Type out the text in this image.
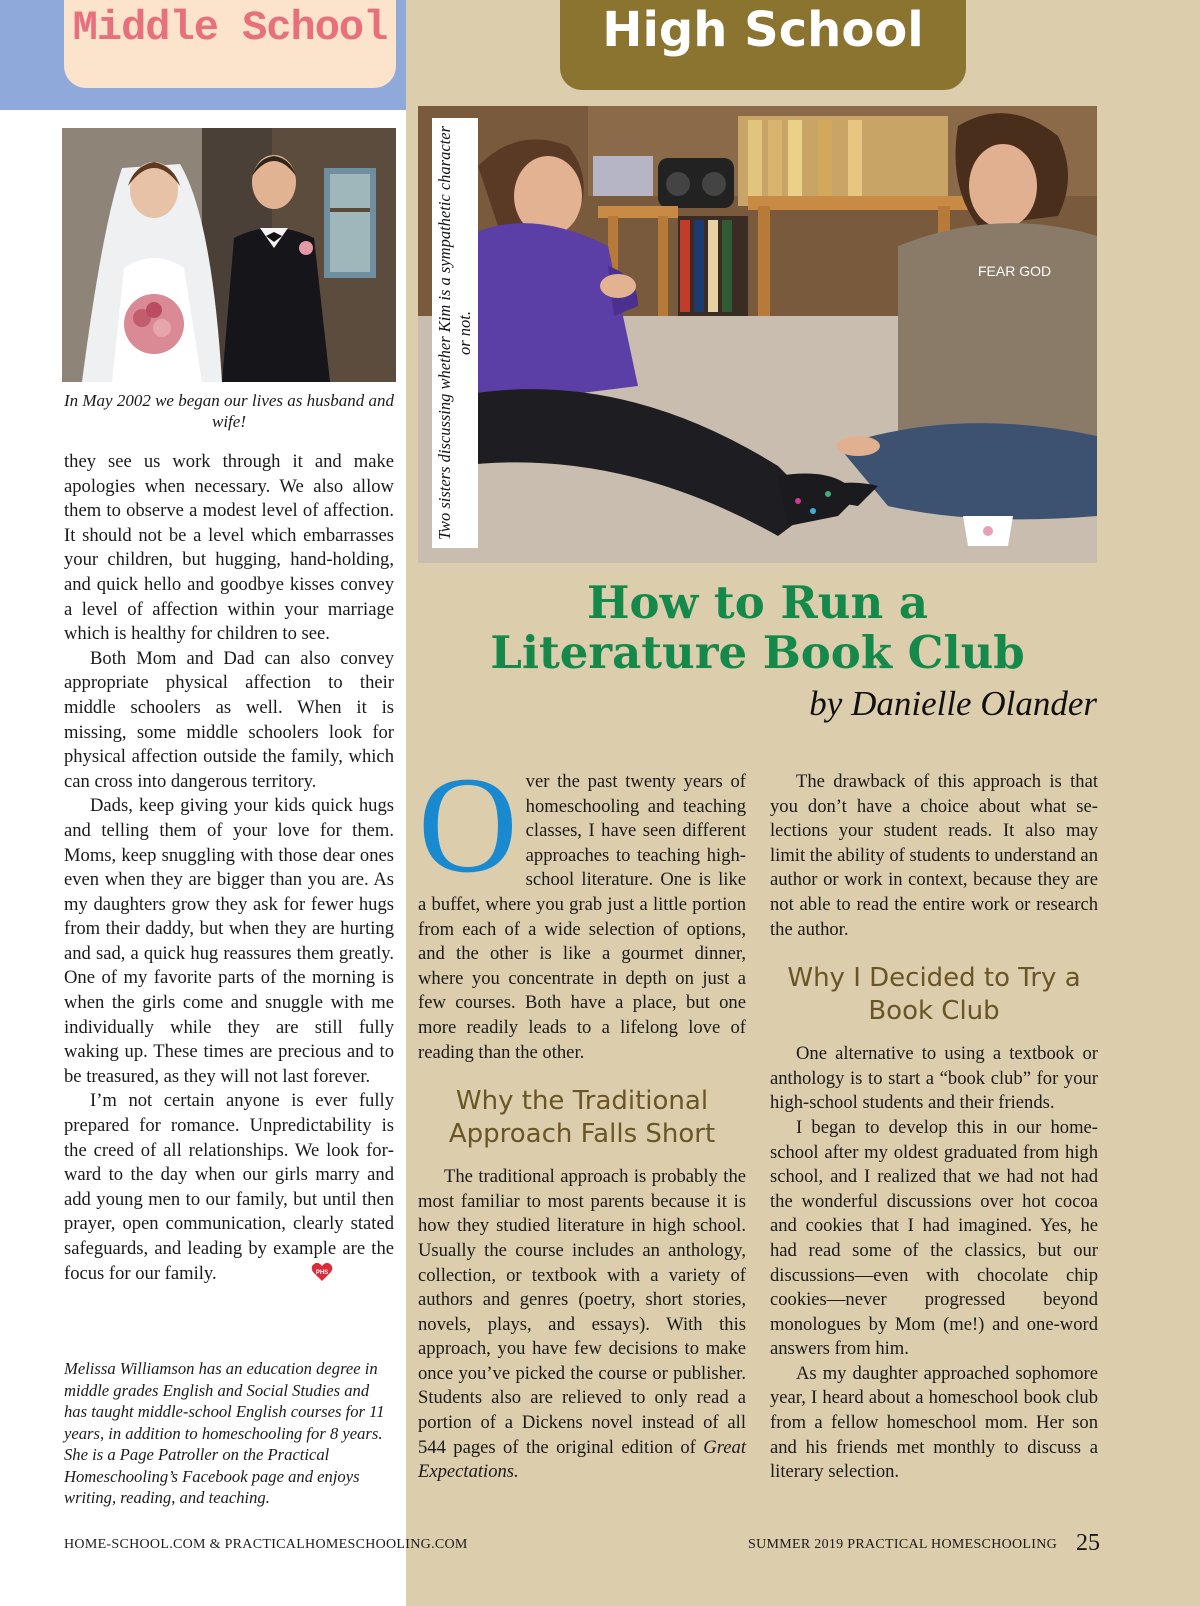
Middle School	High School
In May 2002 we began our lives as husband and wife!

they see us work through it and make apologies when necessary. We also allow them to observe a modest level of affection. It should not be a level which embarrasses your children, but hugging, hand-holding, and quick hello and goodbye kisses convey a level of affection within your marriage which is healthy for children to see.

Both Mom and Dad can also convey appropriate physical affection to their middle schoolers as well. When it is missing, some middle schoolers look for physical affection outside the family, which can cross into dangerous territory.

Dads, keep giving your kids quick hugs and telling them of your love for them. Moms, keep snuggling with those dear ones even when they are bigger than you are. As my daughters grow they ask for fewer hugs from their daddy, but when they are hurting and sad, a quick hug reassures them greatly. One of my favorite parts of the morning is when the girls come and snuggle with me individually while they are still fully waking up. These times are precious and to be treasured, as they will not last forever.

I’m not certain anyone is ever fully prepared for romance. Unpredictability is the creed of all relationships. We look forward to the day when our girls marry and add young men to our family, but until then prayer, open communication, clearly stated safeguards, and leading by example are the focus for our family.	PHS

Melissa Williamson has an education degree in middle grades English and Social Studies and has taught middle-school English courses for 11 years, in addition to homeschooling for 8 years. She is a Page Patroller on the Practical Homeschooling’s Facebook page and enjoys writing, reading, and teaching.
FEAR GOD
Two sisters discussing whether Kim is a sympathetic character or not.
How to Run a
Literature Book Club
by Danielle Olander

Over the past twenty years of homeschooling and teaching classes, I have seen different approaches to teaching high-school literature. One is like a buffet, where you grab just a little portion from each of a wide selection of options, and the other is like a gourmet dinner, where you concentrate in depth on just a few courses. Both have a place, but one more readily leads to a lifelong love of reading than the other.

Why the Traditional Approach Falls Short

The traditional approach is probably the most familiar to most parents because it is how they studied literature in high school. Usually the course includes an anthology, collection, or textbook with a variety of authors and genres (poetry, short stories, novels, plays, and essays). With this approach, you have few decisions to make once you’ve picked the course or publisher. Students also are relieved to only read a portion of a Dickens novel instead of all 544 pages of the original edition of Great Expectations.

The drawback of this approach is that you don’t have a choice about what selections your student reads. It also may limit the ability of students to understand an author or work in context, because they are not able to read the entire work or research the author.

Why I Decided to Try a Book Club

One alternative to using a textbook or anthology is to start a “book club” for your high-school students and their friends.

I began to develop this in our homeschool after my oldest graduated from high school, and I realized that we had not had the wonderful discussions over hot cocoa and cookies that I had imagined. Yes, he had read some of the classics, but our discussions—even with chocolate chip cookies—never progressed beyond monologues by Mom (me!) and one-word answers from him.

As my daughter approached sophomore year, I heard about a homeschool book club from a fellow homeschool mom. Her son and his friends met monthly to discuss a literary selection.

HOME-SCHOOL.COM & PRACTICALHOMESCHOOLING.COM	SUMMER 2019 PRACTICAL HOMESCHOOLING 25
